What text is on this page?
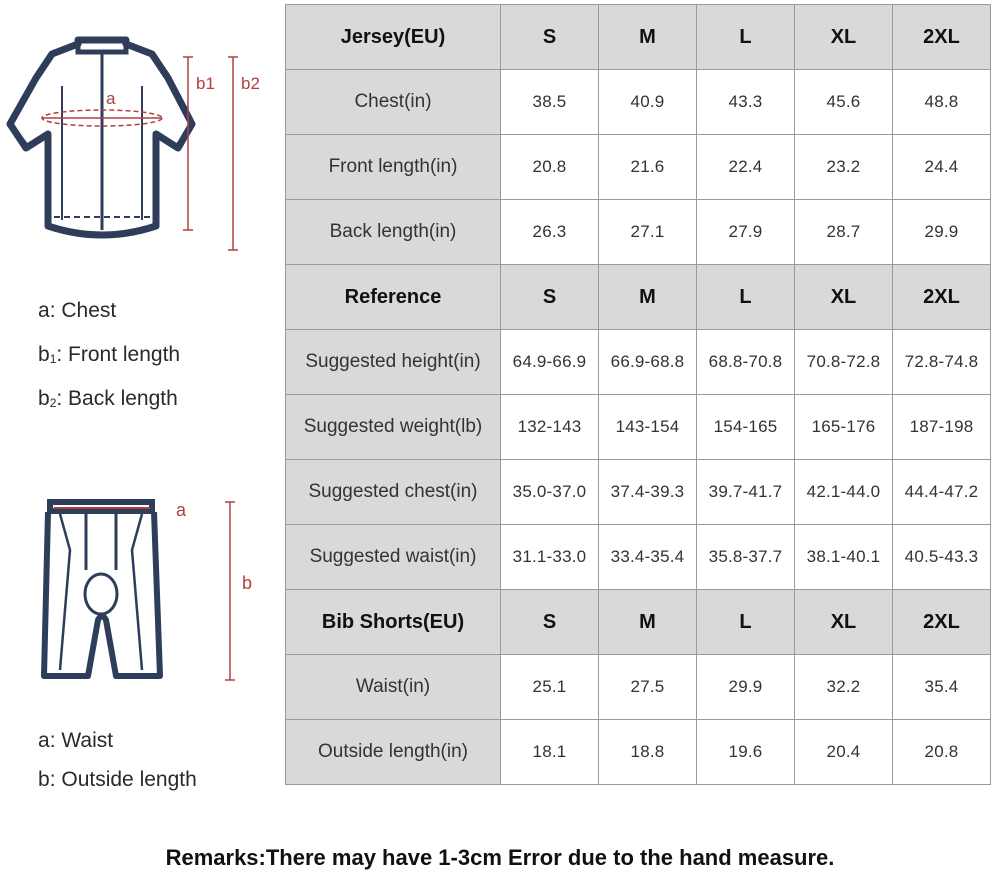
a
b1 b2
a: Chest
$b_1$: Front length
$b_2$: Back length
a
b
a: Waist
b: Outside length
Jersey(EU)	S	M	L	XL	2XL
Chest(in)	38.5	40.9	43.3	45.6	48.8
Front length(in)	20.8	21.6	22.4	23.2	24.4
Back length(in)	26.3	27.1	27.9	28.7	29.9
Reference	S	M	L	XL	2XL
Suggested height(in)	64.9-66.9	66.9-68.8	68.8-70.8	70.8-72.8	72.8-74.8
Suggested weight(lb)	132-143	143-154	154-165	165-176	187-198
Suggested chest(in)	35.0-37.0	37.4-39.3	39.7-41.7	42.1-44.0	44.4-47.2
Suggested waist(in)	31.1-33.0	33.4-35.4	35.8-37.7	38.1-40.1	40.5-43.3
Bib Shorts(EU)	S	M	L	XL	2XL
Waist(in)	25.1	27.5	29.9	32.2	35.4
Outside length(in)	18.1	18.8	19.6	20.4	20.8
Remarks:There may have 1-3cm Error due to the hand measure.
